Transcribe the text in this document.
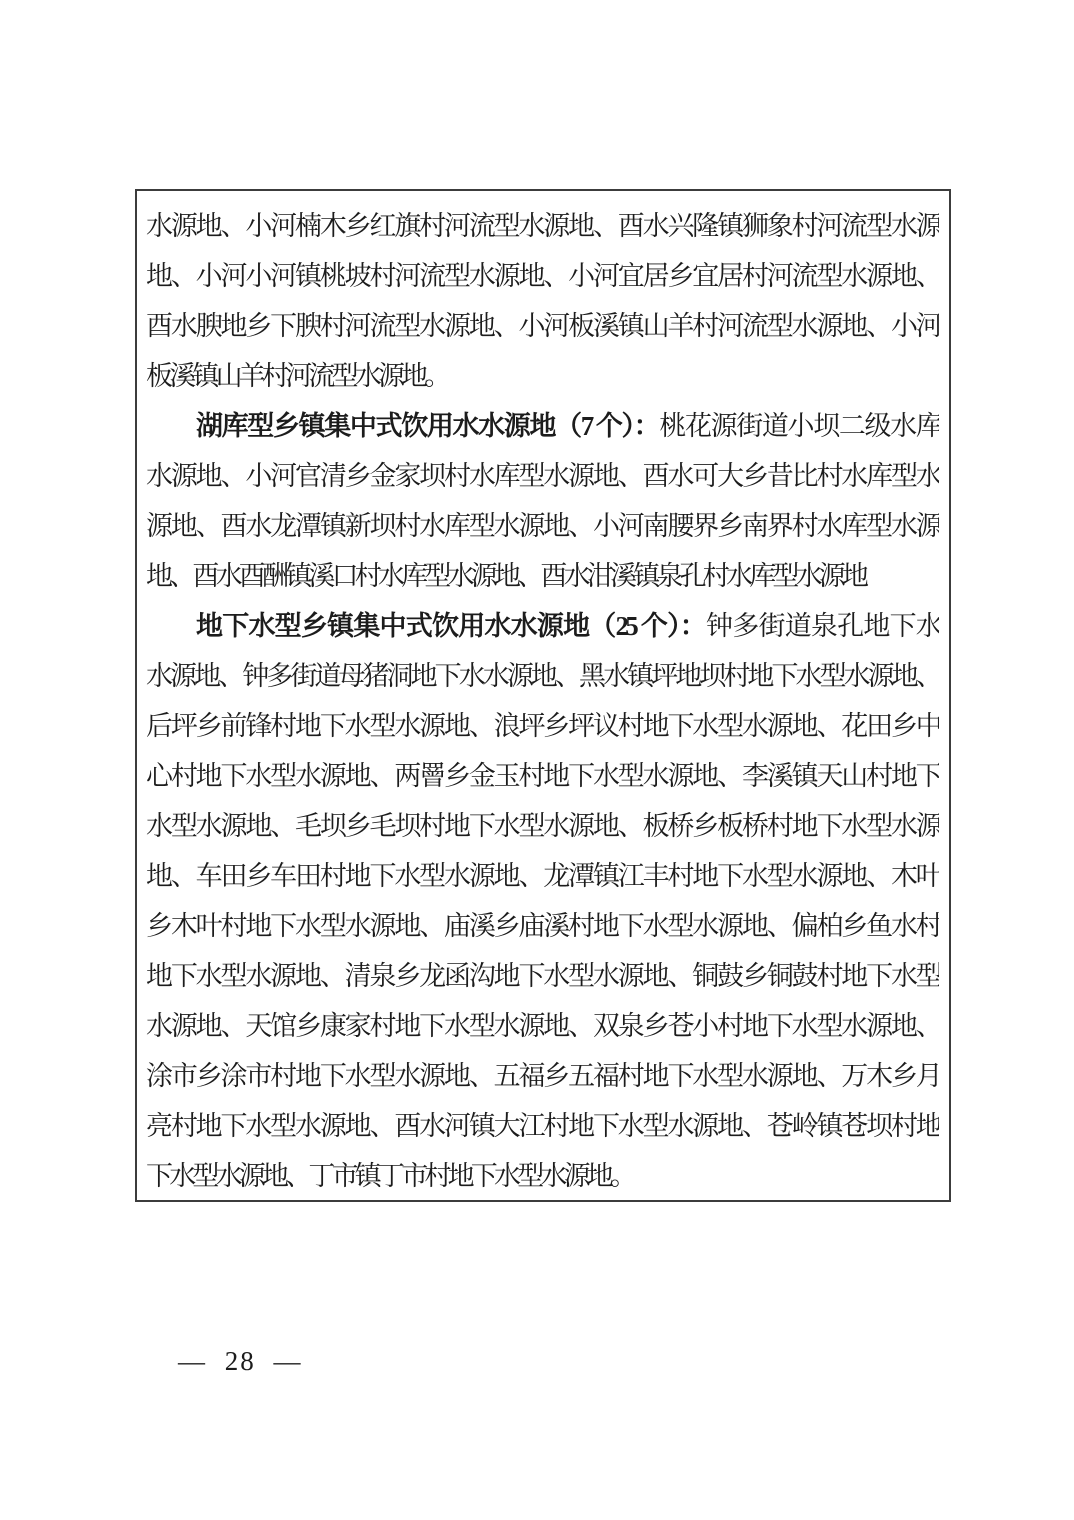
水源地、小河楠木乡红旗村河流型水源地、酉水兴隆镇狮象村河流型水源
地、小河小河镇桃坡村河流型水源地、小河宜居乡宜居村河流型水源地、
酉水腴地乡下腴村河流型水源地、小河板溪镇山羊村河流型水源地、小河
板溪镇山羊村河流型水源地。
湖库型乡镇集中式饮用水水源地（7 个）：桃花源街道小坝二级水库
水源地、小河官清乡金家坝村水库型水源地、酉水可大乡昔比村水库型水
源地、酉水龙潭镇新坝村水库型水源地、小河南腰界乡南界村水库型水源
地、酉水酉酬镇溪口村水库型水源地、酉水泔溪镇泉孔村水库型水源地
地下水型乡镇集中式饮用水水源地（25 个）：钟多街道泉孔地下水
水源地、钟多街道母猪洞地下水水源地、黑水镇坪地坝村地下水型水源地、
后坪乡前锋村地下水型水源地、浪坪乡坪议村地下水型水源地、花田乡中
心村地下水型水源地、两罾乡金玉村地下水型水源地、李溪镇天山村地下
水型水源地、毛坝乡毛坝村地下水型水源地、板桥乡板桥村地下水型水源
地、车田乡车田村地下水型水源地、龙潭镇江丰村地下水型水源地、木叶
乡木叶村地下水型水源地、庙溪乡庙溪村地下水型水源地、偏柏乡鱼水村
地下水型水源地、清泉乡龙函沟地下水型水源地、铜鼓乡铜鼓村地下水型
水源地、天馆乡康家村地下水型水源地、双泉乡苍小村地下水型水源地、
涂市乡涂市村地下水型水源地、五福乡五福村地下水型水源地、万木乡月
亮村地下水型水源地、酉水河镇大江村地下水型水源地、苍岭镇苍坝村地
下水型水源地、丁市镇丁市村地下水型水源地。
— 28 —
